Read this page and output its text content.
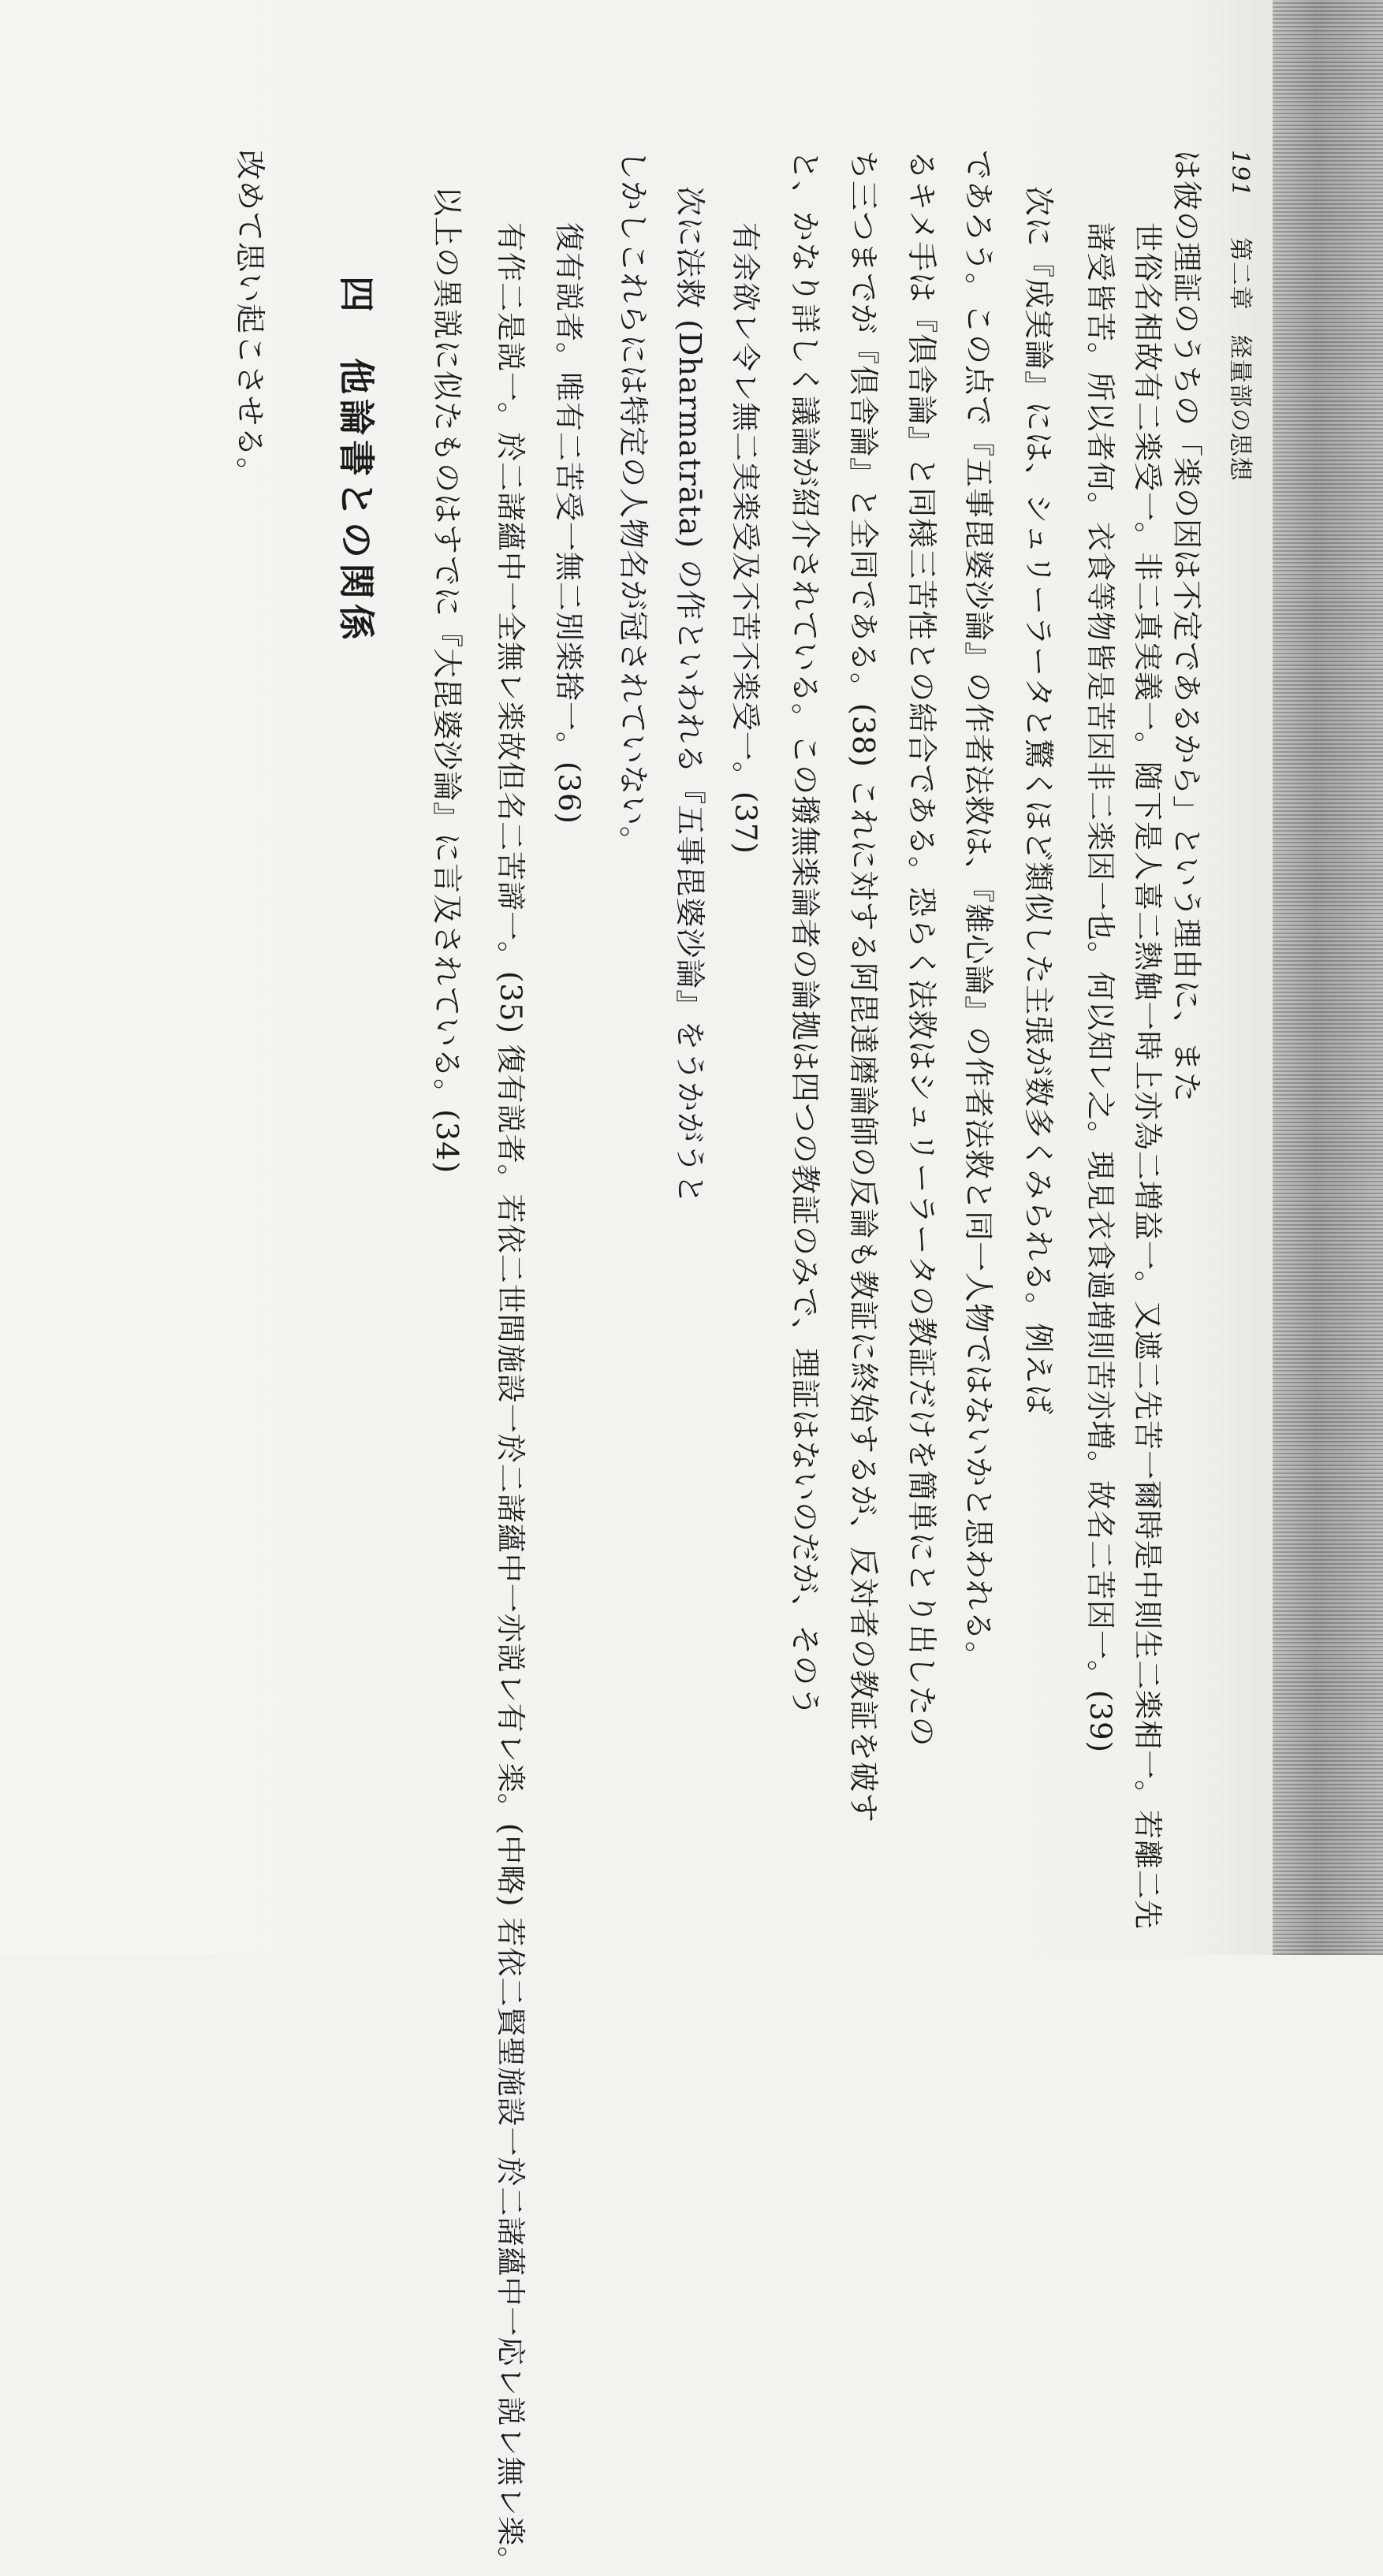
191 第二章　経量部の思想
は彼の理証のうちの「楽の因は不定であるから」という理由に、また
世俗名相故有二楽受一。非二真実義一。随下是人喜二熱触一時上亦為二増益一。又遮二先苦一爾時是中則生二楽相一。若離二先
諸受皆苦。所以者何。衣食等物皆是苦因非二楽因一也。何以知レ之。現見衣食過増則苦亦増。故名二苦因一。(39)
次に『成実論』には、シュリーラータと驚くほど類似した主張が数多くみられる。例えば
であろう。この点で『五事毘婆沙論』の作者法救は、『雑心論』の作者法救と同一人物ではないかと思われる。
るキメ手は『倶舎論』と同様三苦性との結合である。恐らく法救はシュリーラータの教証だけを簡単にとり出したの
ち三つまでが『倶舎論』と全同である。(38) これに対する阿毘達磨論師の反論も教証に終始するが、反対者の教証を破す
と、かなり詳しく議論が紹介されている。この撥無楽論者の論拠は四つの教証のみで、理証はないのだが、そのう
有余欲レ令レ無二実楽受及不苦不楽受一。(37)
次に法救 (Dharmatrāta) の作といわれる『五事毘婆沙論』をうかがうと
しかしこれらには特定の人物名が冠されていない。
復有説者。唯有二苦受一無二別楽捨一。(36)
有作二是説一。於二諸蘊中一全無レ楽故但名二苦諦一。(35) 復有説者。若依二世間施設一於二諸蘊中一亦説レ有レ楽。(中略) 若依二賢聖施設一於二諸蘊中一応レ説レ無レ楽。
以上の異説に似たものはすでに『大毘婆沙論』に言及されている。(34)
四　他論書との関係
改めて思い起こさせる。
